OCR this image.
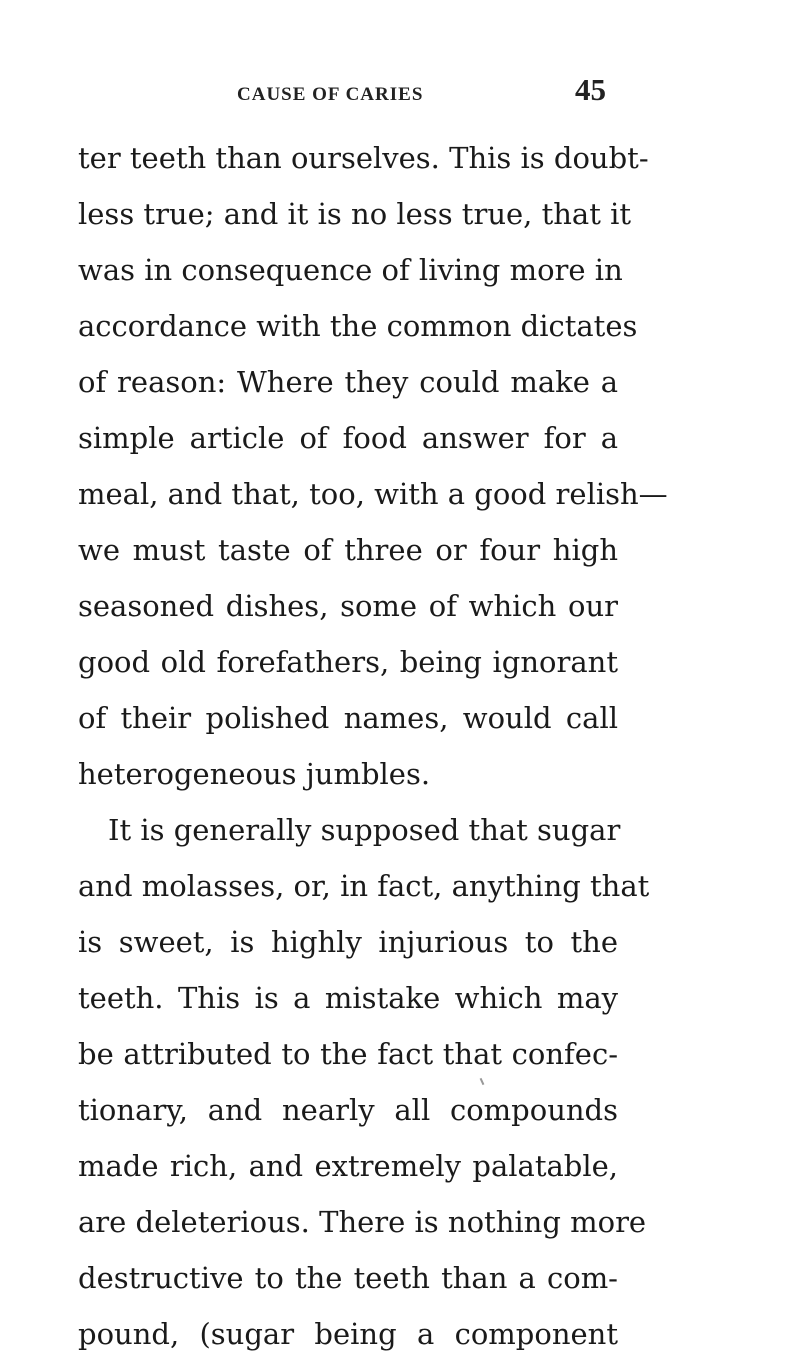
CAUSE OF CARIES	45
ter teeth than ourselves. This is doubt-
less true; and it is no less true, that it
was in consequence of living more in
accordance with the common dictates
of reason: Where they could make a
simple article of food answer for a
meal, and that, too, with a good relish—
we must taste of three or four high
seasoned dishes, some of which our
good old forefathers, being ignorant
of their polished names, would call
heterogeneous jumbles.
It is generally supposed that sugar
and molasses, or, in fact, anything that
is sweet, is highly injurious to the
teeth. This is a mistake which may
be attributed to the fact that confec-
tionary, and nearly all compounds
made rich, and extremely palatable,
are deleterious. There is nothing more
destructive to the teeth than a com-
pound, (sugar being a component
